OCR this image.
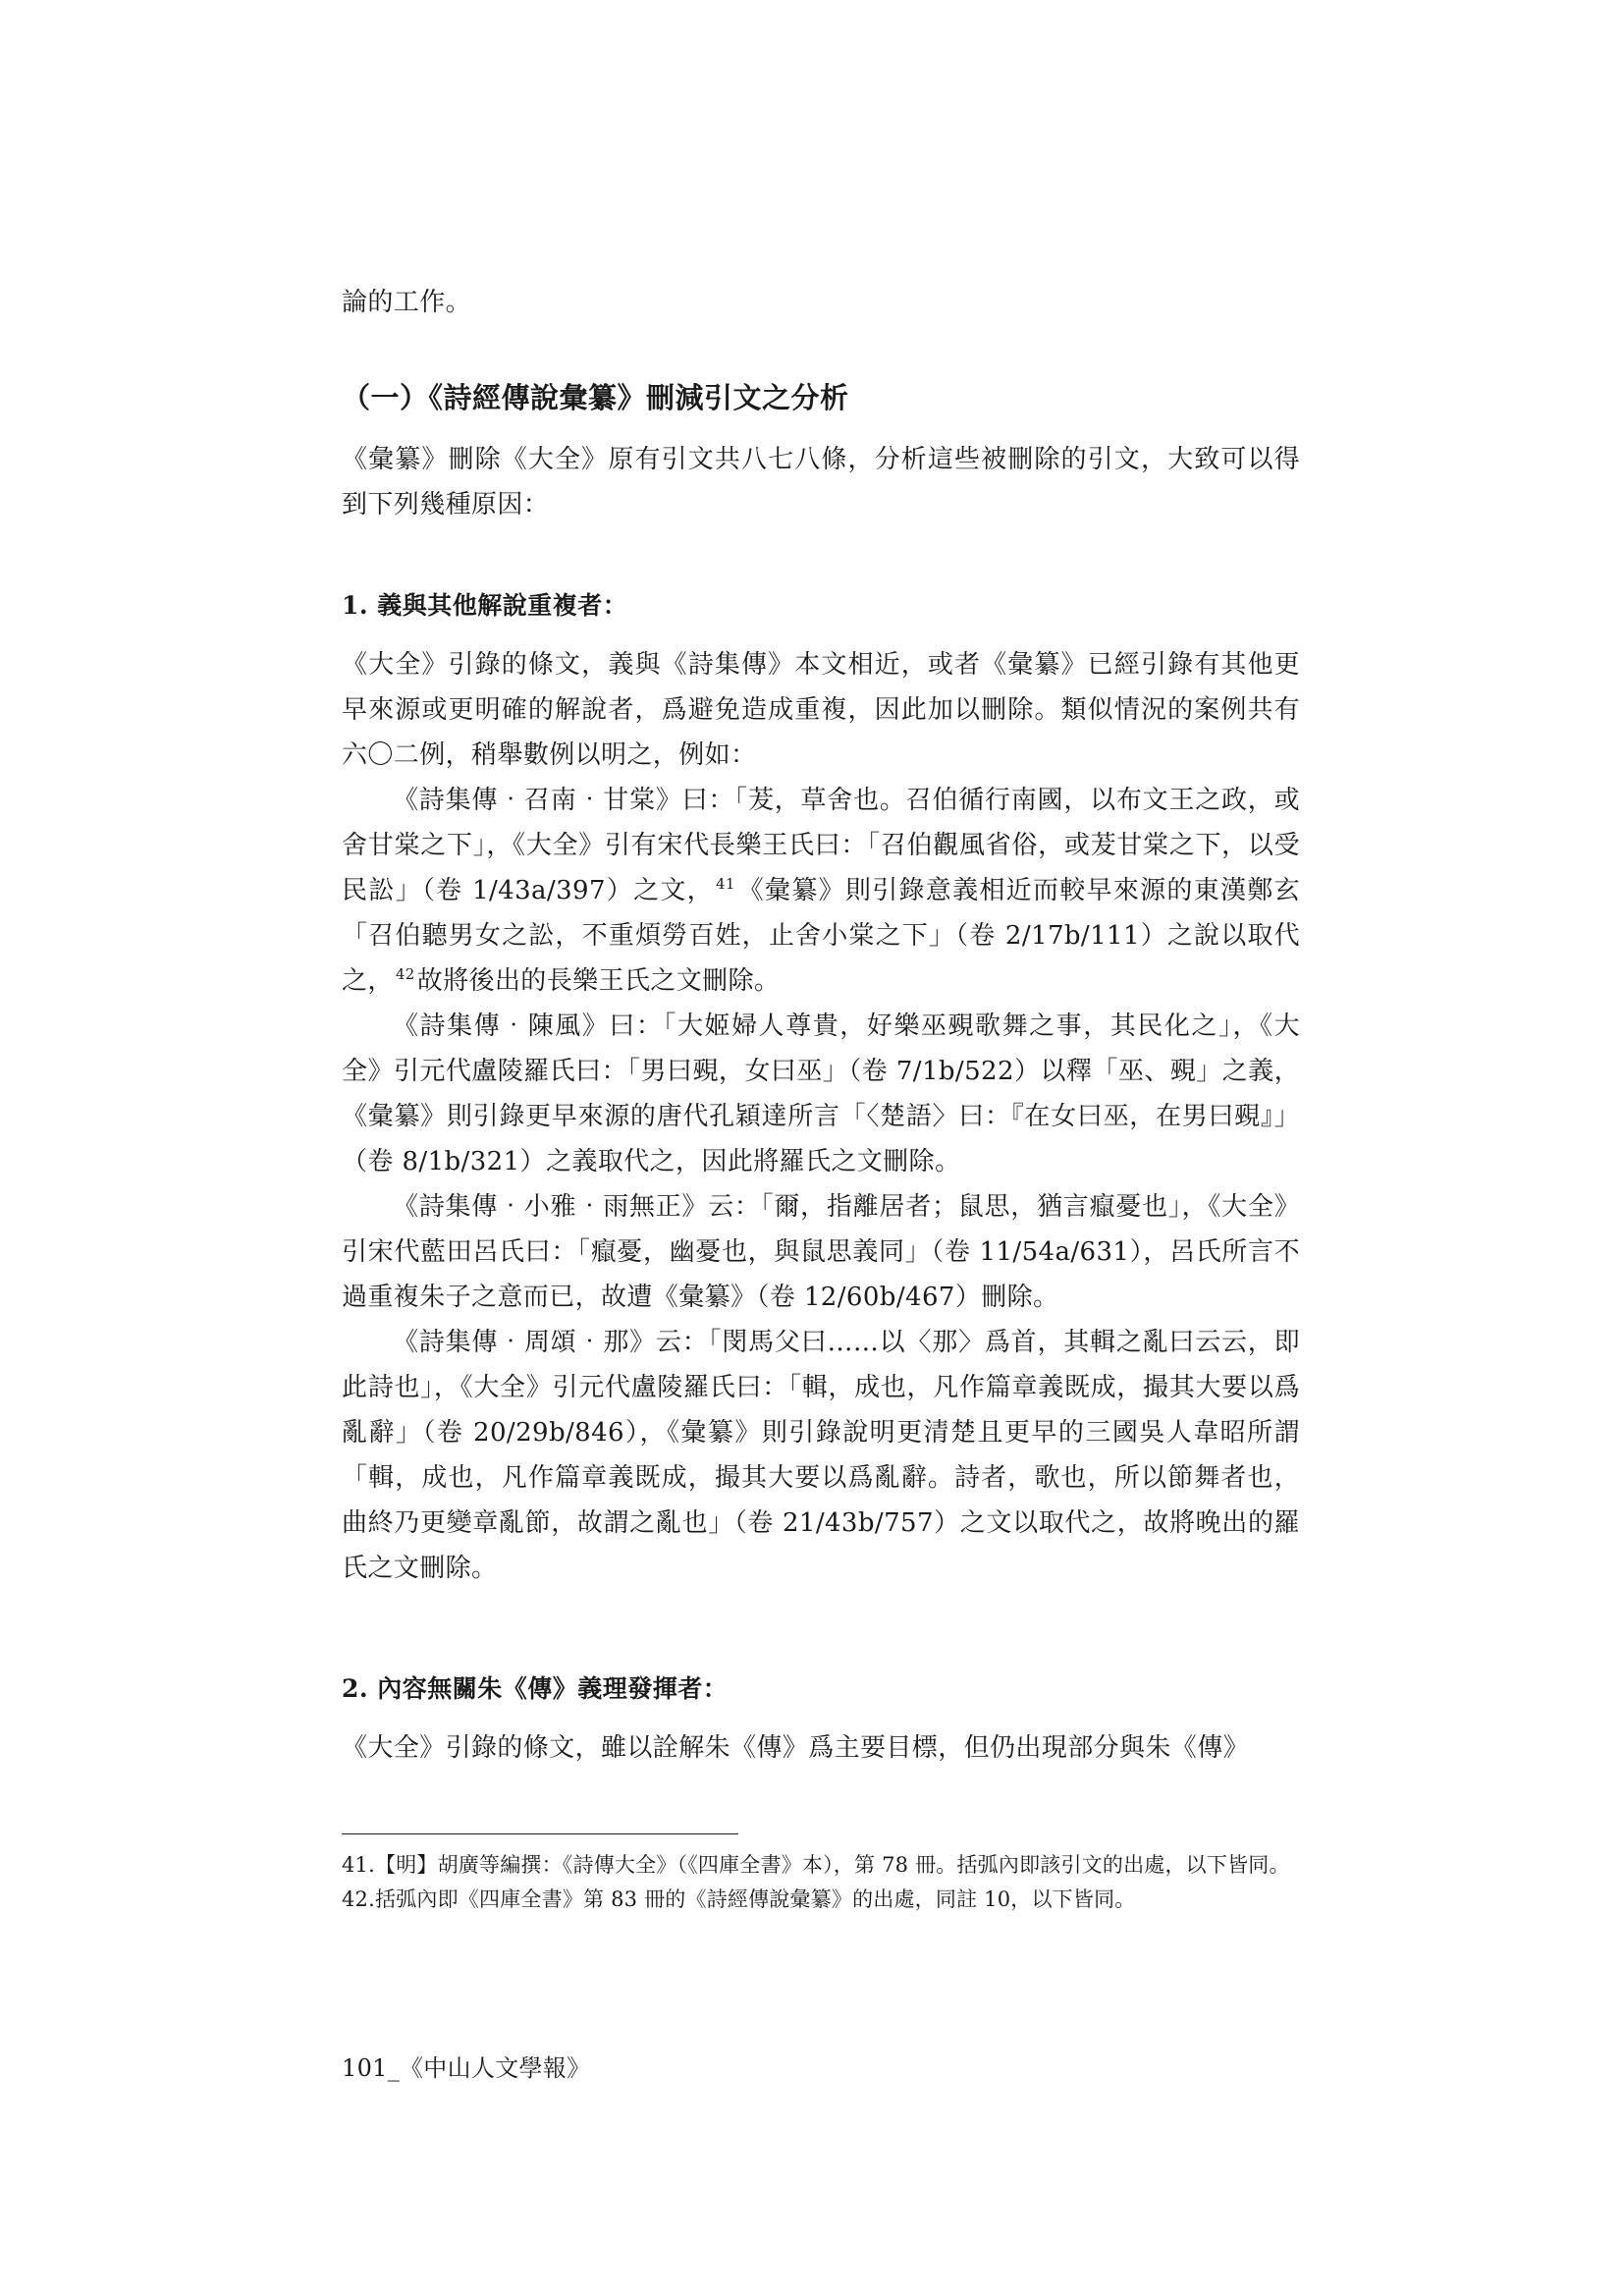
論的工作。

（一）《詩經傳說彙纂》刪減引文之分析

《彙纂》刪除《大全》原有引文共八七八條，分析這些被刪除的引文，大致可以得到下列幾種原因：

1. 義與其他解說重複者：

《大全》引錄的條文，義與《詩集傳》本文相近，或者《彙纂》已經引錄有其他更早來源或更明確的解說者，爲避免造成重複，因此加以刪除。類似情況的案例共有六〇二例，稍舉數例以明之，例如：

《詩集傳‧召南‧甘棠》曰：「茇，草舍也。召伯循行南國，以布文王之政，或舍甘棠之下」，《大全》引有宋代長樂王氏曰：「召伯觀風省俗，或茇甘棠之下，以受民訟」（卷 1/43a/397）之文， $^{41}$《彙纂》則引錄意義相近而較早來源的東漢鄭玄「召伯聽男女之訟，不重煩勞百姓，止舍小棠之下」（卷 2/17b/111）之說以取代之， $^{42}$故將後出的長樂王氏之文刪除。

《詩集傳‧陳風》曰：「大姬婦人尊貴，好樂巫覡歌舞之事，其民化之」，《大全》引元代盧陵羅氏曰：「男曰覡，女曰巫」（卷 7/1b/522）以釋「巫、覡」之義，《彙纂》則引錄更早來源的唐代孔穎達所言「〈楚語〉曰：『在女曰巫，在男曰覡』」（卷 8/1b/321）之義取代之，因此將羅氏之文刪除。

《詩集傳‧小雅‧雨無正》云：「爾，指離居者；鼠思，猶言癙憂也」，《大全》引宋代藍田呂氏曰：「癙憂，幽憂也，與鼠思義同」（卷 11/54a/631），呂氏所言不過重複朱子之意而已，故遭《彙纂》（卷 12/60b/467）刪除。

《詩集傳‧周頌‧那》云：「閔馬父曰……以〈那〉爲首，其輯之亂曰云云，即此詩也」，《大全》引元代盧陵羅氏曰：「輯，成也，凡作篇章義既成，撮其大要以爲亂辭」（卷 20/29b/846），《彙纂》則引錄說明更清楚且更早的三國吳人韋昭所謂「輯，成也，凡作篇章義既成，撮其大要以爲亂辭。詩者，歌也，所以節舞者也，曲終乃更變章亂節，故謂之亂也」（卷 21/43b/757）之文以取代之，故將晚出的羅氏之文刪除。

2. 內容無關朱《傳》義理發揮者：

《大全》引錄的條文，雖以詮解朱《傳》爲主要目標，但仍出現部分與朱《傳》

41.【明】胡廣等編撰：《詩傳大全》（《四庫全書》本），第 78 冊。括弧內即該引文的出處，以下皆同。

42.括弧內即《四庫全書》第 83 冊的《詩經傳說彙纂》的出處，同註 10，以下皆同。

101_《中山人文學報》
